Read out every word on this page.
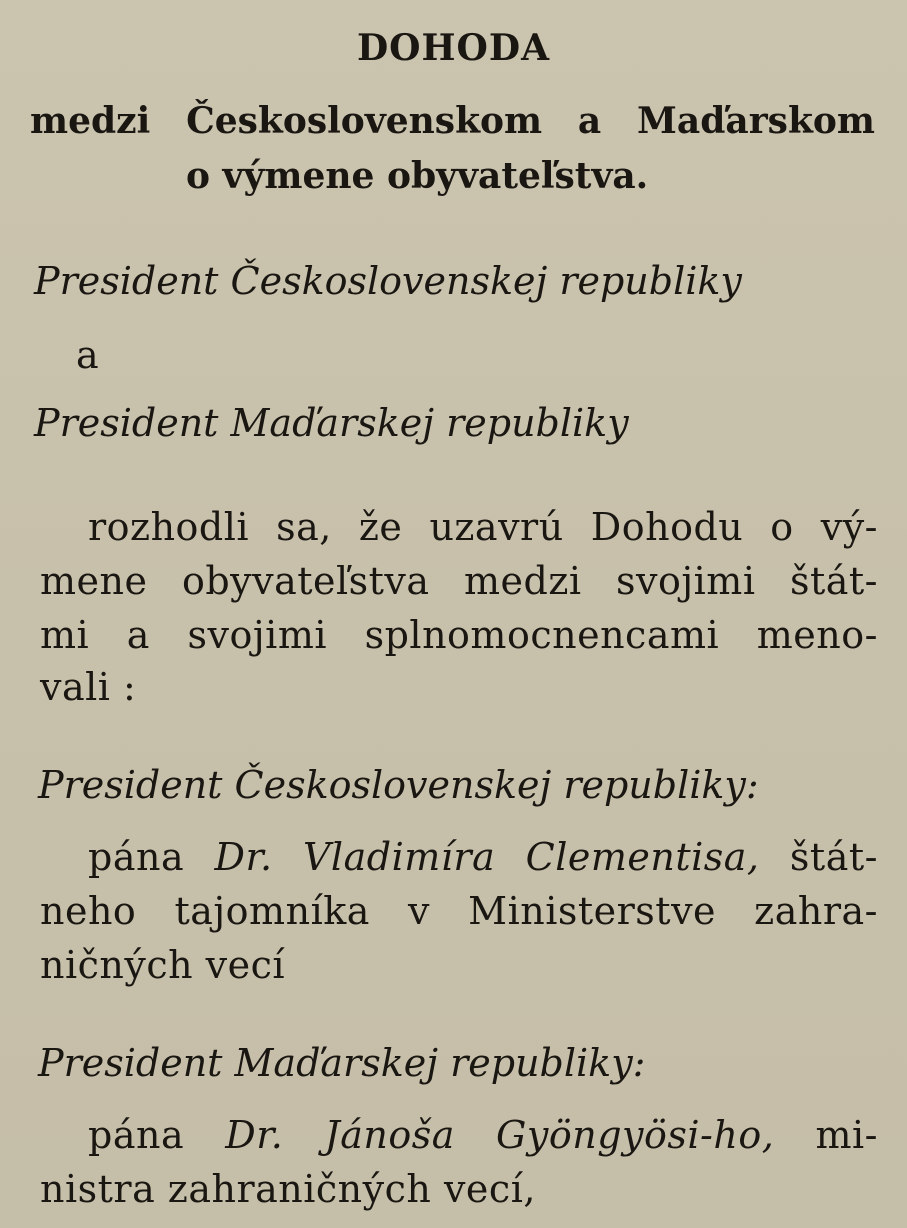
DOHODA
medzi Československom a Maďarskom
o výmene obyvateľstva.
President Československej republiky
a
President Maďarskej republiky
rozhodli sa, že uzavrú Dohodu o vý-
mene obyvateľstva medzi svojimi štát-
mi a svojimi splnomocnencami meno-
vali :
President Československej republiky:
pána Dr. Vladimíra Clementisa, štát-
neho tajomníka v Ministerstve zahra-
ničných vecí
President Maďarskej republiky:
pána Dr. Jánoša Gyöngyösi-ho, mi-
nistra zahraničných vecí,
